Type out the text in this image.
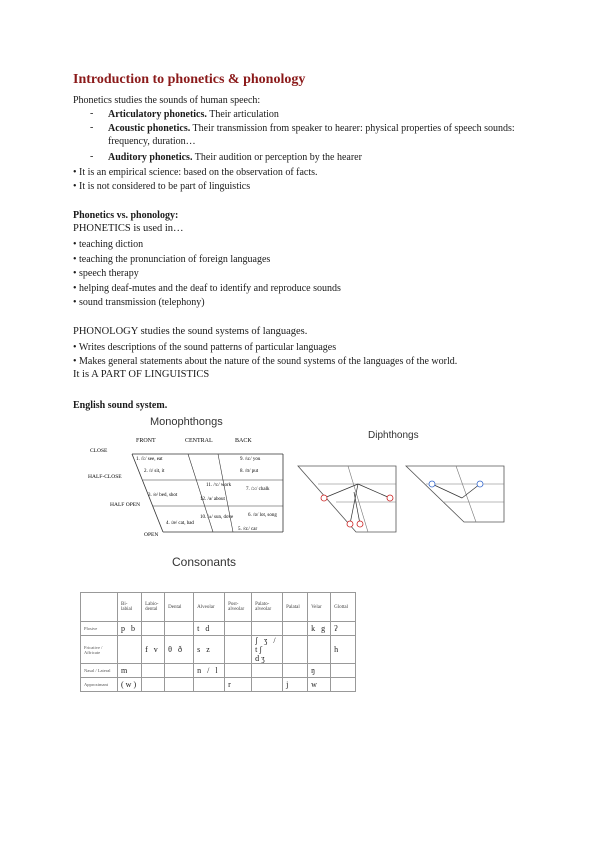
Introduction to phonetics & phonology
Phonetics studies the sounds of human speech:
- Articulatory phonetics. Their articulation
- Acoustic phonetics. Their transmission from speaker to hearer: physical properties of speech sounds: frequency, duration…
- Auditory phonetics. Their audition or perception by the hearer
• It is an empirical science: based on the observation of facts.
• It is not considered to be part of linguistics
Phonetics vs. phonology:
PHONETICS is used in…
• teaching diction
• teaching the pronunciation of foreign languages
• speech therapy
• helping deaf-mutes and the deaf to identify and reproduce sounds
• sound transmission (telephony)
PHONOLOGY studies the sound systems of languages.
• Writes descriptions of the sound patterns of particular languages
• Makes general statements about the nature of the sound systems of the languages of the world.
It is A PART OF LINGUISTICS
English sound system.
Monophthongs
FRONT	CENTRAL	BACK
CLOSE
HALF-CLOSE
HALF OPEN
OPEN
1. /i:/ see, eat
2. /ɪ/ sit, it
9. /u:/ you
8. /ʊ/ put
3. /e/ bed, shot
11. /ɜ:/ work
7. /ɔ:/ chalk
12. /ə/ about
10. /ʌ/ sun, dove
4. /æ/ cat, bad
6. /ɒ/ lot, song
5. /ɑ:/ car
Diphthongs
Consonants
	Bi-labial	Labio-dental	Dental	Alveolar	Post-alveolar	Palato-alveolar	Palatal	Velar	Glottal
Plosive	p b			t d				k g	ʔ
Fricative / Affricate		f v	θ ð	s z		ʃ ʒ / tʃ dʒ			h
Nasal / Lateral	m			n / l				ŋ	
Approximant	(w)				r		j	w	
